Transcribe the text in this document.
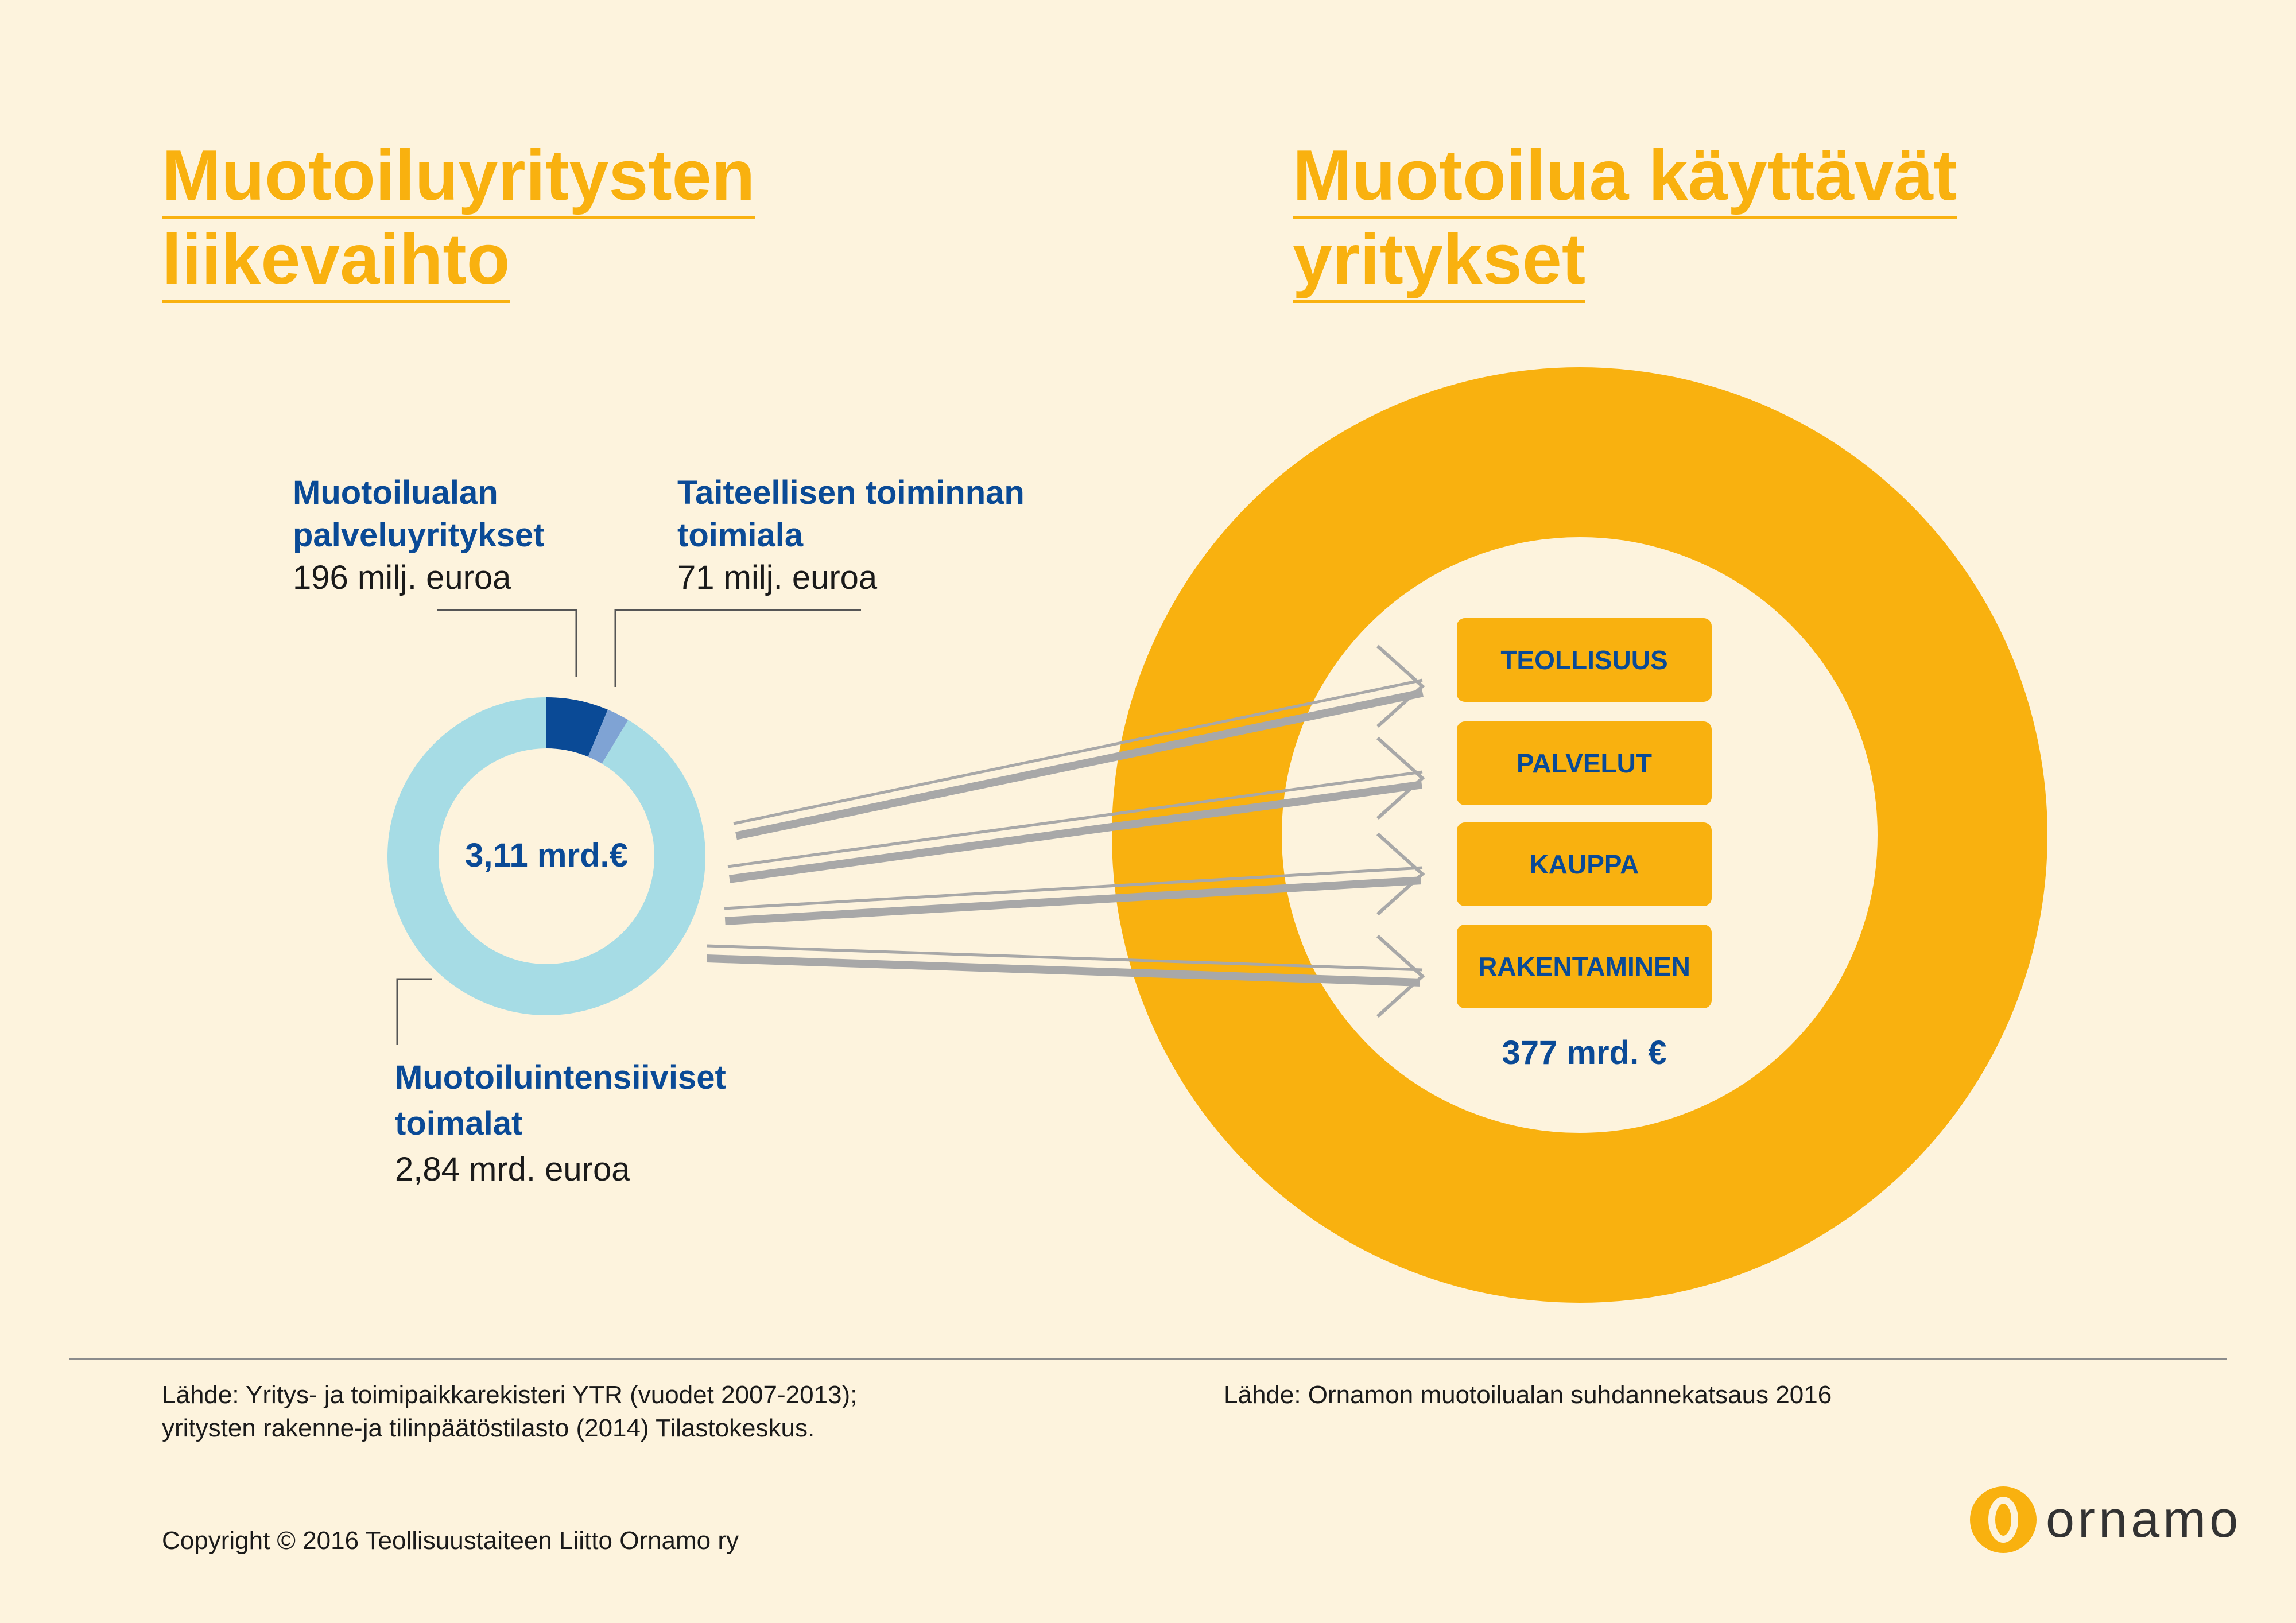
Muotoiluyritysten
liikevaihto
Muotoilua käyttävät
yritykset
3,11 mrd.€
377 mrd. €
Muotoilualan
palveluyritykset
196 milj. euroa
Taiteellisen toiminnan
toimiala
71 milj. euroa
Muotoiluintensiiviset
toimalat
2,84 mrd. euroa
TEOLLISUUS
PALVELUT
KAUPPA
RAKENTAMINEN
Lähde: Yritys- ja toimipaikkarekisteri YTR (vuodet 2007-2013);
yritysten rakenne-ja tilinpäätöstilasto (2014) Tilastokeskus.
Lähde: Ornamon muotoilualan suhdannekatsaus 2016
Copyright © 2016 Teollisuustaiteen Liitto Ornamo ry	ornamo
